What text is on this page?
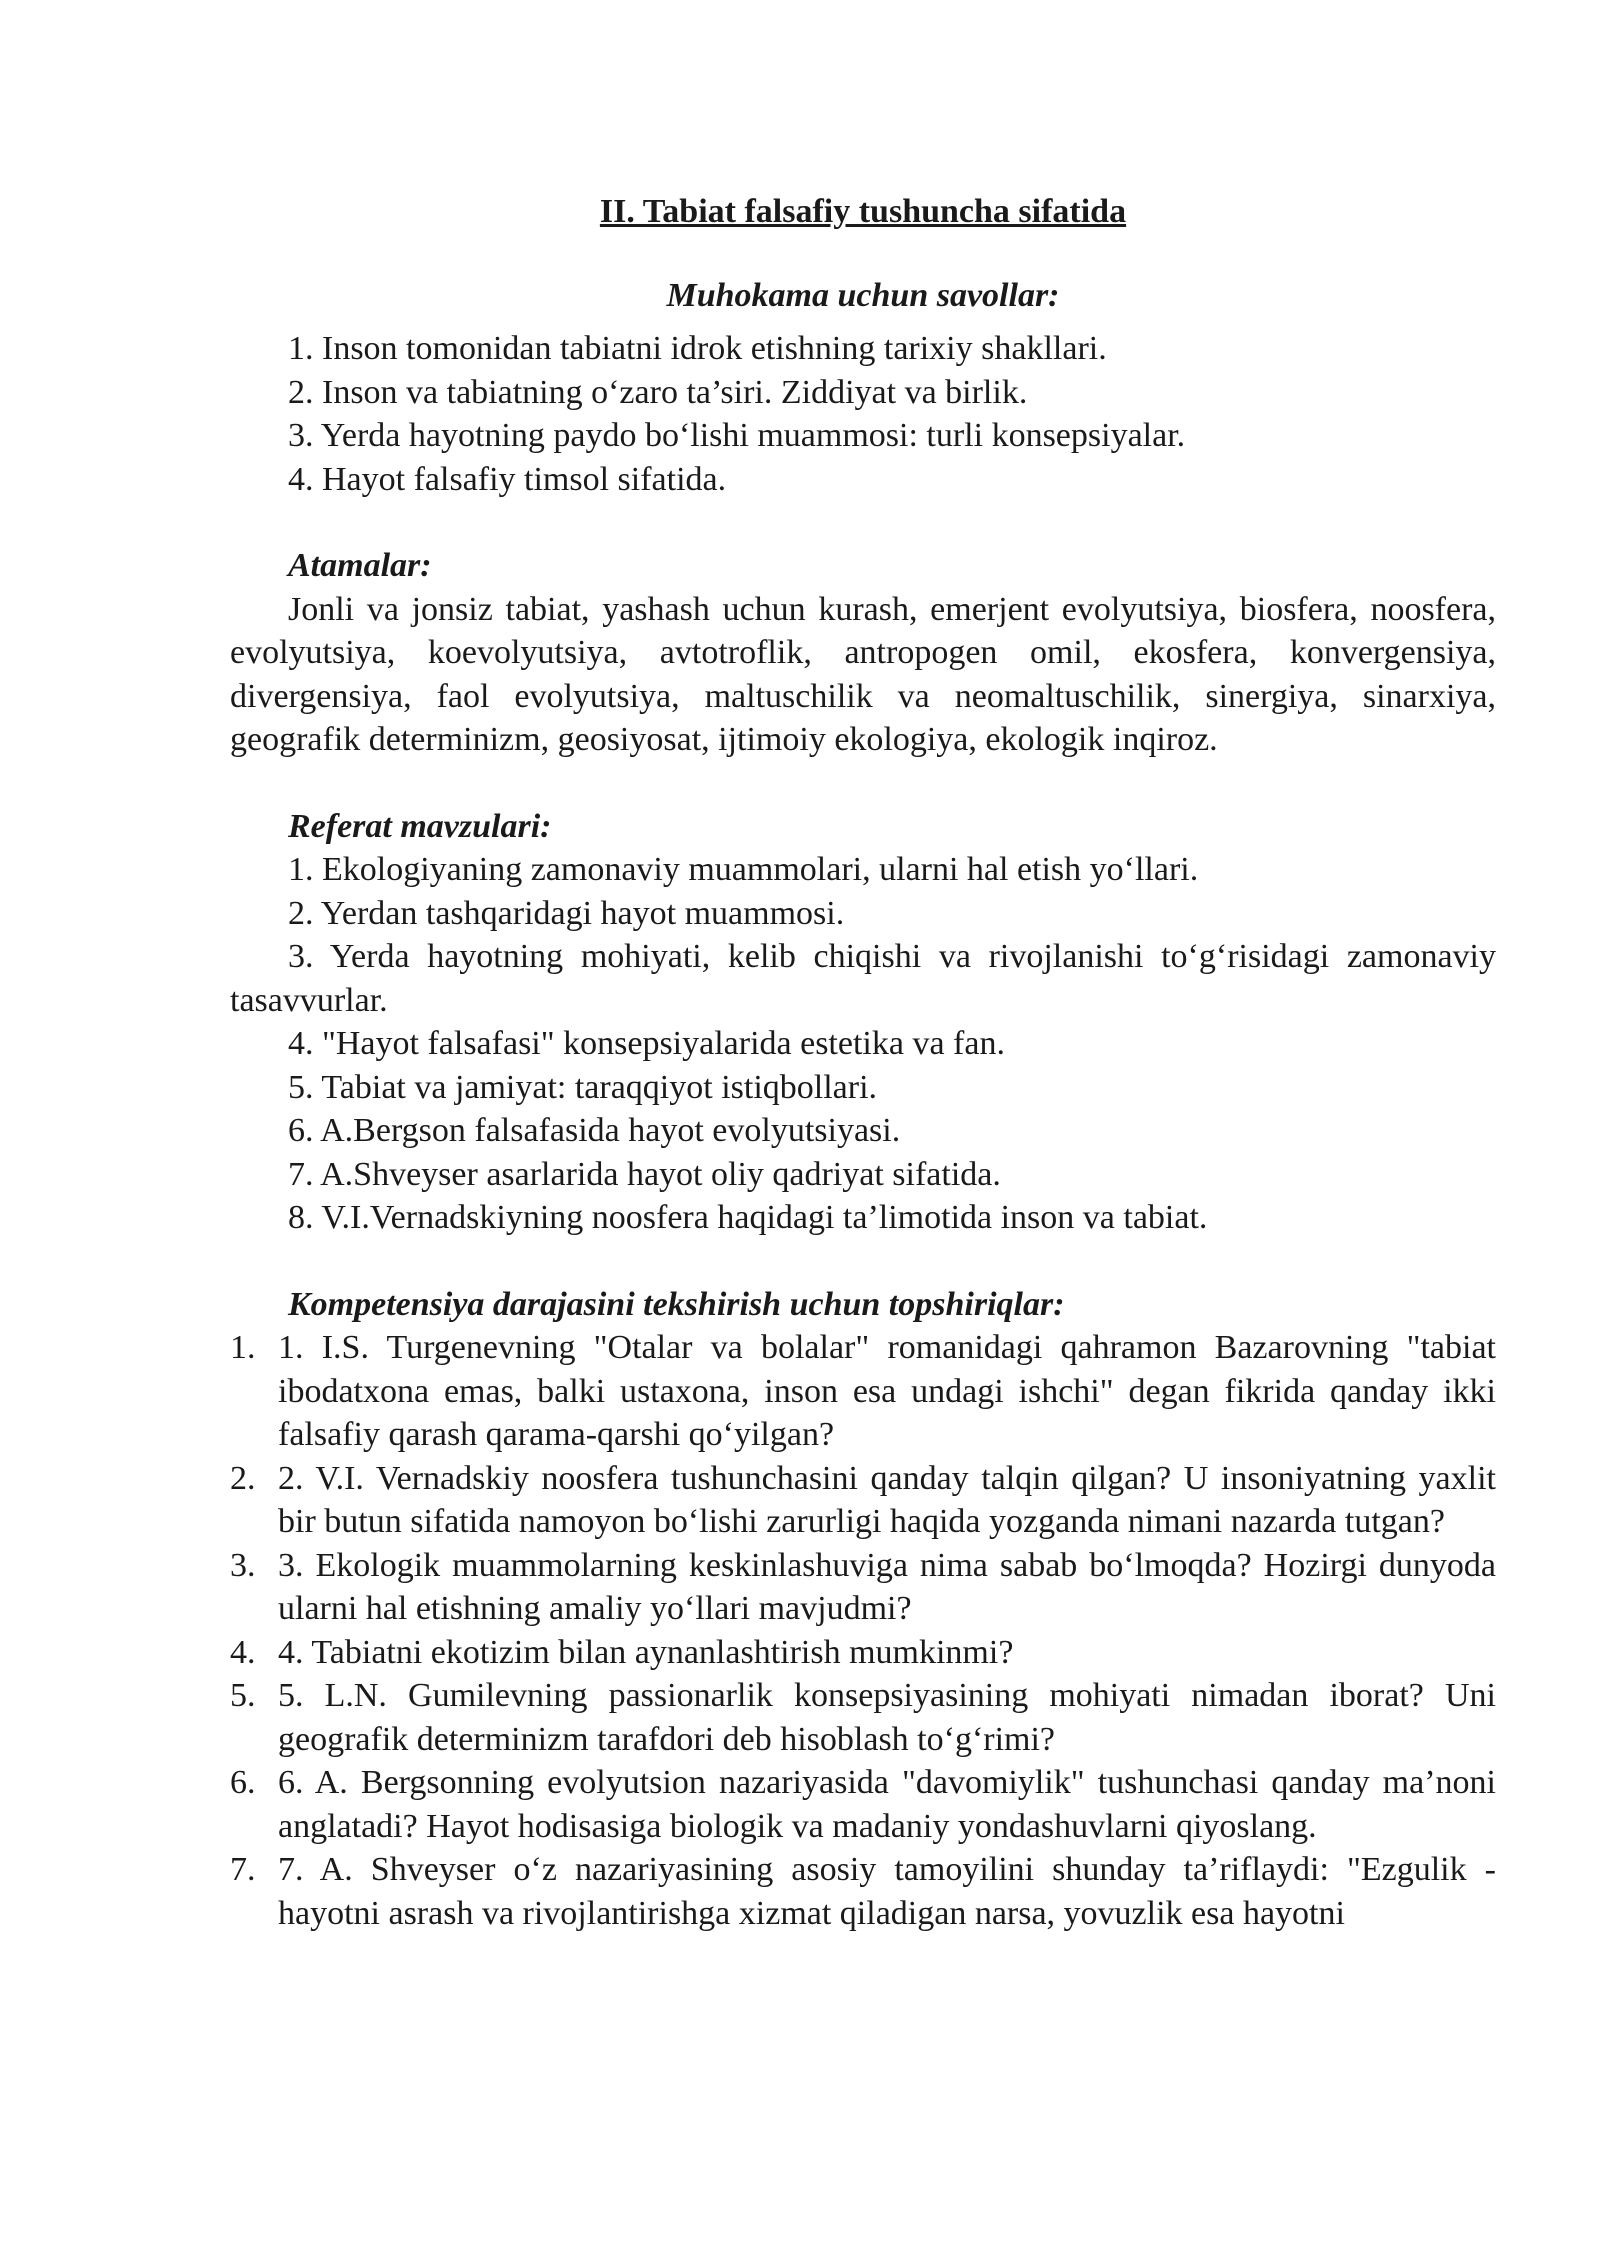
II. Tabiat falsafiy tushuncha sifatida
Muhokama uchun savollar:
1. Inson tomonidan tabiatni idrok etishning tarixiy shakllari.
2. Inson va tabiatning o‘zaro ta’siri. Ziddiyat va birlik.
3. Yerda hayotning paydo bo‘lishi muammosi: turli konsepsiyalar.
4. Hayot falsafiy timsol sifatida.
Atamalar:

Jonli va jonsiz tabiat, yashash uchun kurash, emerjent evolyutsiya, biosfera, noosfera, evolyutsiya, koevolyutsiya, avtotroflik, antropogen omil, ekosfera, konvergensiya, divergensiya, faol evolyutsiya, maltuschilik va neomaltuschilik, sinergiya, sinarxiya, geografik determinizm, geosiyosat, ijtimoiy ekologiya, ekologik inqiroz.

Referat mavzulari:
1. Ekologiyaning zamonaviy muammolari, ularni hal etish yo‘llari.
2. Yerdan tashqaridagi hayot muammosi.
3. Yerda hayotning mohiyati, kelib chiqishi va rivojlanishi to‘g‘risidagi zamonaviy tasavvurlar.
4. "Hayot falsafasi" konsepsiyalarida estetika va fan.
5. Tabiat va jamiyat: taraqqiyot istiqbollari.
6. A.Bergson falsafasida hayot evolyutsiyasi.
7. A.Shveyser asarlarida hayot oliy qadriyat sifatida.
8. V.I.Vernadskiyning noosfera haqidagi ta’limotida inson va tabiat.
Kompetensiya darajasini tekshirish uchun topshiriqlar:
1. 1. I.S. Turgenevning "Otalar va bolalar" romanidagi qahramon Bazarovning "tabiat ibodatxona emas, balki ustaxona, inson esa undagi ishchi" degan fikrida qanday ikki falsafiy qarash qarama-qarshi qo‘yilgan?
2. 2. V.I. Vernadskiy noosfera tushunchasini qanday talqin qilgan? U insoniyatning yaxlit bir butun sifatida namoyon bo‘lishi zarurligi haqida yozganda nimani nazarda tutgan?
3. 3. Ekologik muammolarning keskinlashuviga nima sabab bo‘lmoqda? Hozirgi dunyoda ularni hal etishning amaliy yo‘llari mavjudmi?
4. 4. Tabiatni ekotizim bilan aynanlashtirish mumkinmi?
5. 5. L.N. Gumilevning passionarlik konsepsiyasining mohiyati nimadan iborat? Uni geografik determinizm tarafdori deb hisoblash to‘g‘rimi?
6. 6. A. Bergsonning evolyutsion nazariyasida "davomiylik" tushunchasi qanday ma’noni anglatadi? Hayot hodisasiga biologik va madaniy yondashuvlarni qiyoslang.
7. 7. A. Shveyser o‘z nazariyasining asosiy tamoyilini shunday ta’riflaydi: "Ezgulik - hayotni asrash va rivojlantirishga xizmat qiladigan narsa, yovuzlik esa hayotni
